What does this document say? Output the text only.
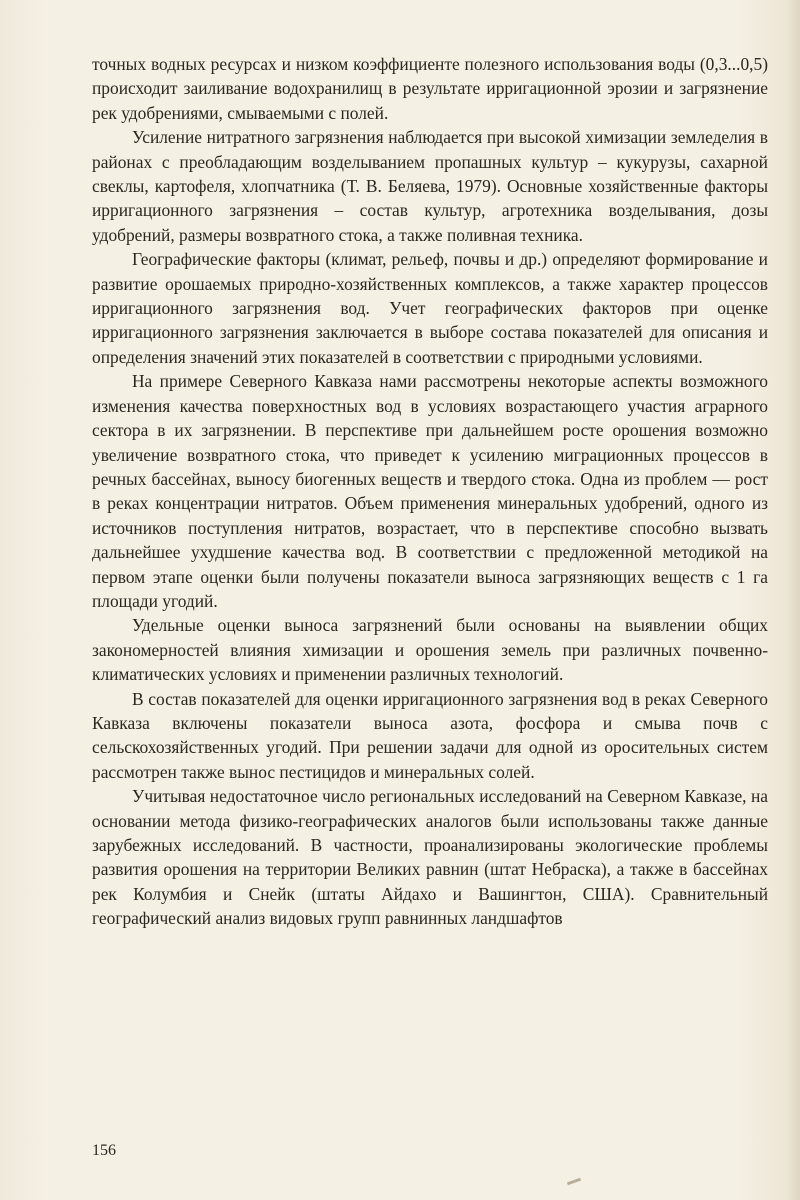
точных водных ресурсах и низком коэффициенте полезного использования воды (0,3...0,5) происходит заиливание водохранилищ в результате ирригационной эрозии и загрязнение рек удобрениями, смываемыми с полей.

Усиление нитратного загрязнения наблюдается при высокой химизации земледелия в районах с преобладающим возделыванием пропашных культур – кукурузы, сахарной свеклы, картофеля, хлопчатника (Т. В. Беляева, 1979). Основные хозяйственные факторы ирригационного загрязнения – состав культур, агротехника возделывания, дозы удобрений, размеры возвратного стока, а также поливная техника.

Географические факторы (климат, рельеф, почвы и др.) определяют формирование и развитие орошаемых природно-хозяйственных комплексов, а также характер процессов ирригационного загрязнения вод. Учет географических факторов при оценке ирригационного загрязнения заключается в выборе состава показателей для описания и определения значений этих показателей в соответствии с природными условиями.

На примере Северного Кавказа нами рассмотрены некоторые аспекты возможного изменения качества поверхностных вод в условиях возрастающего участия аграрного сектора в их загрязнении. В перспективе при дальнейшем росте орошения возможно увеличение возвратного стока, что приведет к усилению миграционных процессов в речных бассейнах, выносу биогенных веществ и твердого стока. Одна из проблем — рост в реках концентрации нитратов. Объем применения минеральных удобрений, одного из источников поступления нитратов, возрастает, что в перспективе способно вызвать дальнейшее ухудшение качества вод. В соответствии с предложенной методикой на первом этапе оценки были получены показатели выноса загрязняющих веществ с 1 га площади угодий.

Удельные оценки выноса загрязнений были основаны на выявлении общих закономерностей влияния химизации и орошения земель при различных почвенно-климатических условиях и применении различных технологий.

В состав показателей для оценки ирригационного загрязнения вод в реках Северного Кавказа включены показатели выноса азота, фосфора и смыва почв с сельскохозяйственных угодий. При решении задачи для одной из оросительных систем рассмотрен также вынос пестицидов и минеральных солей.

Учитывая недостаточное число региональных исследований на Северном Кавказе, на основании метода физико-географических аналогов были использованы также данные зарубежных исследований. В частности, проанализированы экологические проблемы развития орошения на территории Великих равнин (штат Небраска), а также в бассейнах рек Колумбия и Снейк (штаты Айдахо и Вашингтон, США). Сравнительный географический анализ видовых групп равнинных ландшафтов

156
